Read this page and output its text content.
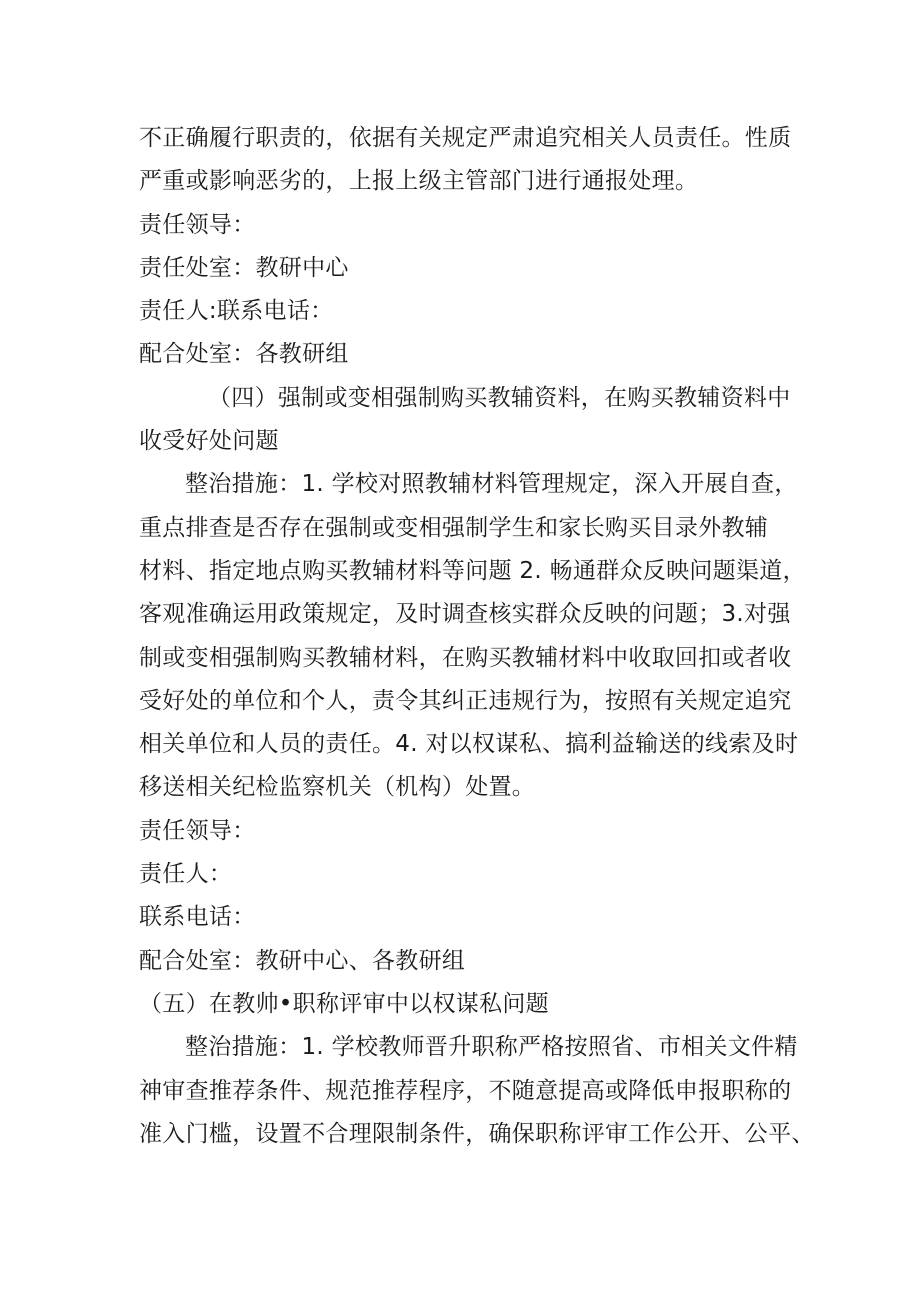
不正确履行职责的，依据有关规定严肃追究相关人员责任。性质
严重或影响恶劣的，上报上级主管部门进行通报处理。

责任领导：

责任处室：教研中心

责任人:联系电话：

配合处室：各教研组

（四）强制或变相强制购买教辅资料，在购买教辅资料中
收受好处问题

整治措施：1. 学校对照教辅材料管理规定，深入开展自查，
重点排查是否存在强制或变相强制学生和家长购买目录外教辅
材料、指定地点购买教辅材料等问题 2. 畅通群众反映问题渠道，
客观准确运用政策规定，及时调查核实群众反映的问题；3.对强
制或变相强制购买教辅材料，在购买教辅材料中收取回扣或者收
受好处的单位和个人，责令其纠正违规行为，按照有关规定追究
相关单位和人员的责任。4. 对以权谋私、搞利益输送的线索及时
移送相关纪检监察机关（机构）处置。

责任领导：

责任人：

联系电话：

配合处室：教研中心、各教研组

（五）在教帅•职称评审中以权谋私问题

整治措施：1. 学校教师晋升职称严格按照省、市相关文件精
神审查推荐条件、规范推荐程序，不随意提高或降低申报职称的
准入门槛，设置不合理限制条件，确保职称评审工作公开、公平、
